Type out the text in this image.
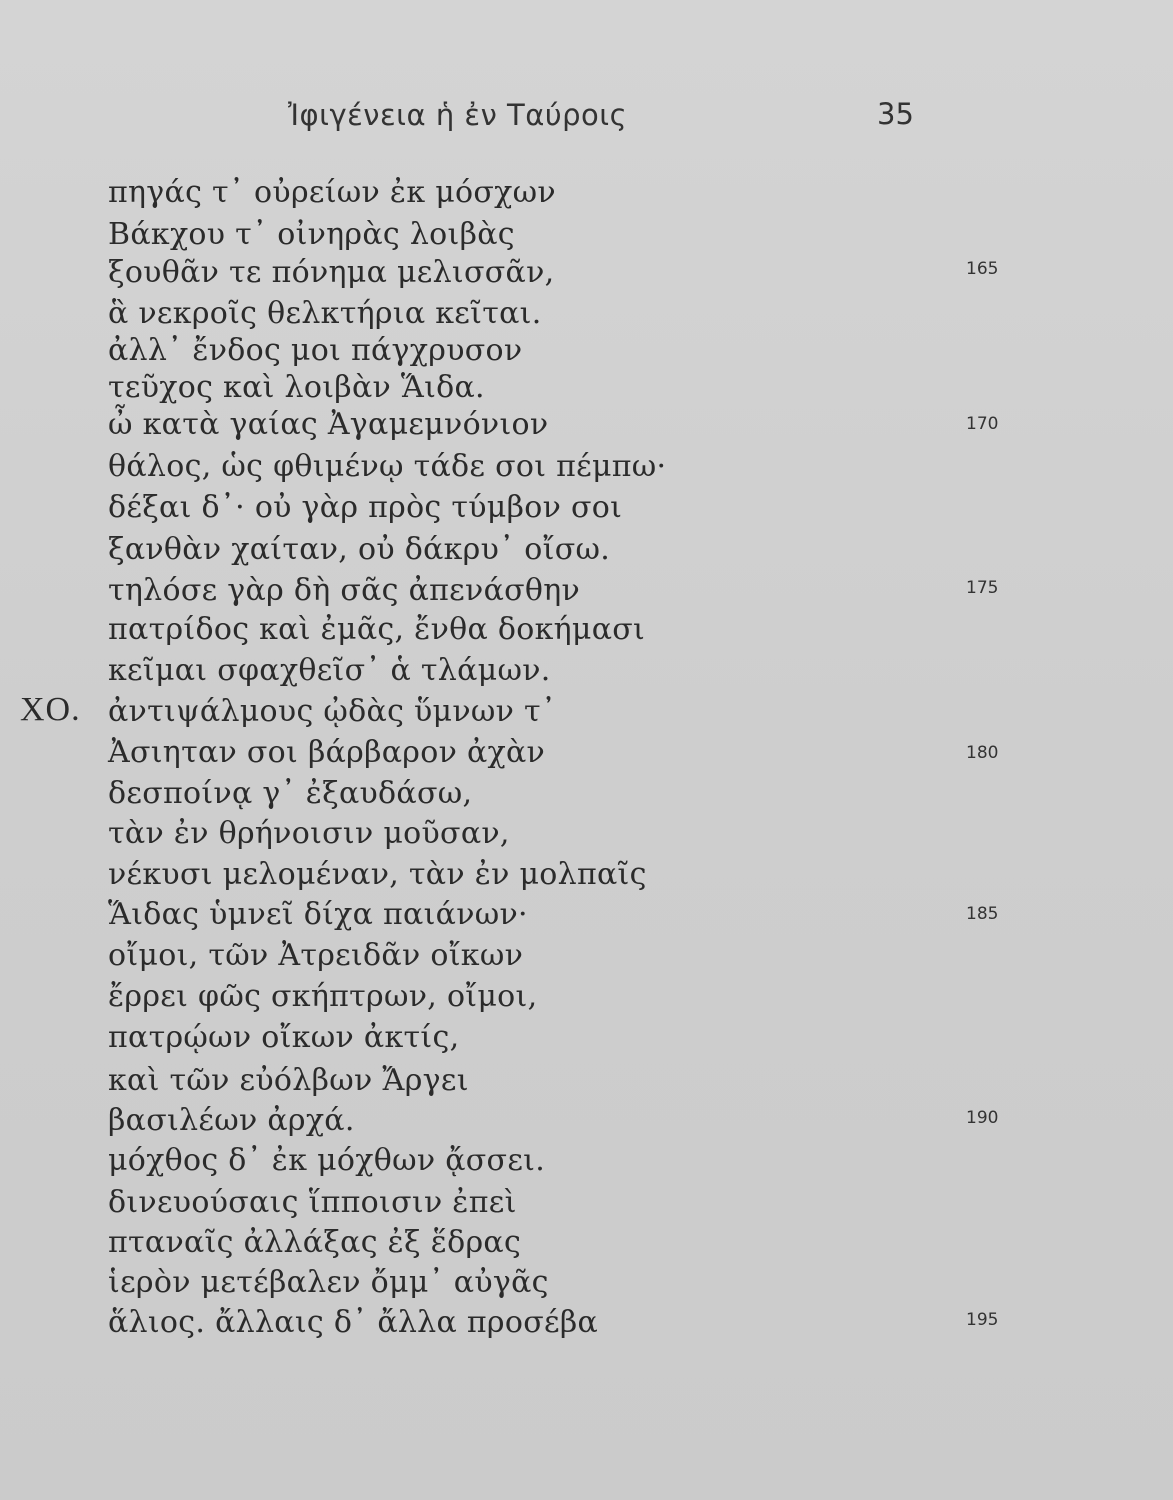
Ἰφιγένεια ἡ ἐν Ταύροις	35
πηγάς τ᾽ οὐρείων ἐκ μόσχων
Βάκχου τ᾽ οἰνηρὰς λοιβὰς
ξουθᾶν τε πόνημα μελισσᾶν,
ἃ νεκροῖς θελκτήρια κεῖται.
ἀλλ᾽ ἔνδος μοι πάγχρυσον
τεῦχος καὶ λοιβὰν Ἅιδα.
ὦ κατὰ γαίας Ἀγαμεμνόνιον
θάλος, ὡς φθιμένῳ τάδε σοι πέμπω·
δέξαι δ᾽· οὐ γὰρ πρὸς τύμβον σοι
ξανθὰν χαίταν, οὐ δάκρυ᾽ οἴσω.
τηλόσε γὰρ δὴ σᾶς ἀπενάσθην
πατρίδος καὶ ἐμᾶς, ἔνθα δοκήμασι
κεῖμαι σφαχθεῖσ᾽ ἁ τλάμων.
ΧΟ. ἀντιψάλμους ᾠδὰς ὕμνων τ᾽
Ἀσιηταν σοι βάρβαρον ἀχὰν
δεσποίνᾳ γ᾽ ἐξαυδάσω,
τὰν ἐν θρήνοισιν μοῦσαν,
νέκυσι μελομέναν, τὰν ἐν μολπαῖς
Ἅιδας ὑμνεῖ δίχα παιάνων·
οἴμοι, τῶν Ἀτρειδᾶν οἴκων
ἔρρει φῶς σκήπτρων, οἴμοι,
πατρῴων οἴκων ἀκτίς,
καὶ τῶν εὐόλβων Ἄργει
βασιλέων ἀρχά.
μόχθος δ᾽ ἐκ μόχθων ᾄσσει.
δινευούσαις ἵπποισιν ἐπεὶ
πταναῖς ἀλλάξας ἐξ ἕδρας
ἱερὸν μετέβαλεν ὄμμ᾽ αὐγᾶς
ἅλιος. ἄλλαις δ᾽ ἄλλα προσέβα
165
170
175
180
185
190
195
